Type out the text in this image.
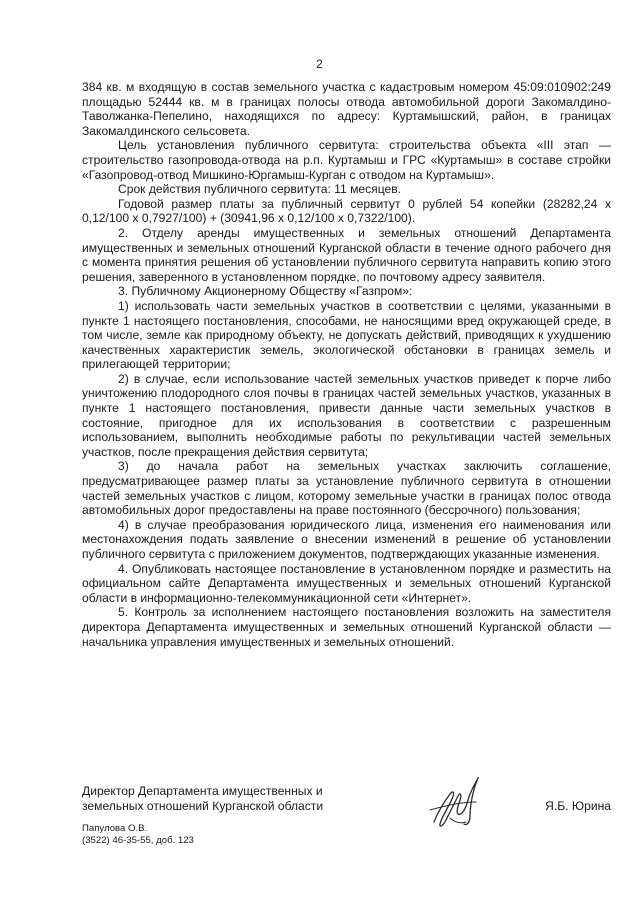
2

384 кв. м входящую в состав земельного участка с кадастровым номером 45:09:010902:249 площадью 52444 кв. м в границах полосы отвода автомобильной дороги Закомалдино-Таволжанка-Пепелино, находящихся по адресу: Куртамышский, район, в границах Закомалдинского сельсовета.

Цель установления публичного сервитута: строительства объекта «III этап — строительство газопровода-отвода на р.п. Куртамыш и ГРС «Куртамыш» в составе стройки «Газопровод-отвод Мишкино-Юргамыш-Курган с отводом на Куртамыш».

Срок действия публичного сервитута: 11 месяцев.

Годовой размер платы за публичный сервитут 0 рублей 54 копейки (28282,24 х 0,12/100 х 0,7927/100) + (30941,96 х 0,12/100 х 0,7322/100).

2. Отделу аренды имущественных и земельных отношений Департамента имущественных и земельных отношений Курганской области в течение одного рабочего дня с момента принятия решения об установлении публичного сервитута направить копию этого решения, заверенного в установленном порядке, по почтовому адресу заявителя.

3. Публичному Акционерному Обществу «Газпром»:

1) использовать части земельных участков в соответствии с целями, указанными в пункте 1 настоящего постановления, способами, не наносящими вред окружающей среде, в том числе, земле как природному объекту, не допускать действий, приводящих к ухудшению качественных характеристик земель, экологической обстановки в границах земель и прилегающей территории;

2) в случае, если использование частей земельных участков приведет к порче либо уничтожению плодородного слоя почвы в границах частей земельных участков, указанных в пункте 1 настоящего постановления, привести данные части земельных участков в состояние, пригодное для их использования в соответствии с разрешенным использованием, выполнить необходимые работы по рекультивации частей земельных участков, после прекращения действия сервитута;

3) до начала работ на земельных участках заключить соглашение, предусматривающее размер платы за установление публичного сервитута в отношении частей земельных участков с лицом, которому земельные участки в границах полос отвода автомобильных дорог предоставлены на праве постоянного (бессрочного) пользования;

4) в случае преобразования юридического лица, изменения его наименования или местонахождения подать заявление о внесении изменений в решение об установлении публичного сервитута с приложением документов, подтверждающих указанные изменения.

4. Опубликовать настоящее постановление в установленном порядке и разместить на официальном сайте Департамента имущественных и земельных отношений Курганской области в информационно-телекоммуникационной сети «Интернет».

5. Контроль за исполнением настоящего постановления возложить на заместителя директора Департамента имущественных и земельных отношений Курганской области — начальника управления имущественных и земельных отношений.

Директор Департамента имущественных и
земельных отношений Курганской области	Я.Б. Юрина
Папулова О.В.
(3522) 46-35-55, доб. 123
